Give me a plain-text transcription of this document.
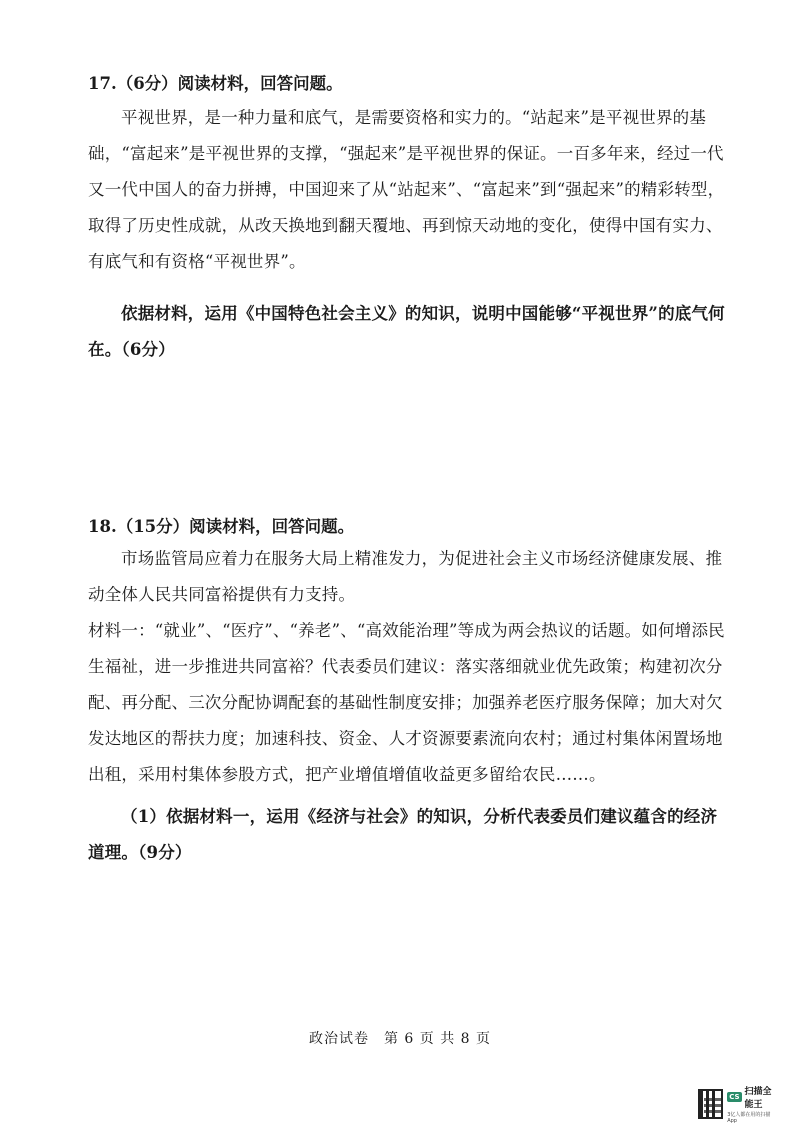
17.（6分）阅读材料，回答问题。

平视世界，是一种力量和底气，是需要资格和实力的。“站起来”是平视世界的基础，“富起来”是平视世界的支撑，“强起来”是平视世界的保证。一百多年来，经过一代又一代中国人的奋力拼搏，中国迎来了从“站起来”、“富起来”到“强起来”的精彩转型，取得了历史性成就，从改天换地到翻天覆地、再到惊天动地的变化，使得中国有实力、有底气和有资格“平视世界”。

依据材料，运用《中国特色社会主义》的知识，说明中国能够“平视世界”的底气何在。（6分）

18.（15分）阅读材料，回答问题。

市场监管局应着力在服务大局上精准发力，为促进社会主义市场经济健康发展、推动全体人民共同富裕提供有力支持。

材料一：“就业”、“医疗”、“养老”、“高效能治理”等成为两会热议的话题。如何增添民生福祉，进一步推进共同富裕？代表委员们建议：落实落细就业优先政策；构建初次分配、再分配、三次分配协调配套的基础性制度安排；加强养老医疗服务保障；加大对欠发达地区的帮扶力度；加速科技、资金、人才资源要素流向农村；通过村集体闲置场地出租，采用村集体参股方式，把产业增值增值收益更多留给农民……。

（1）依据材料一，运用《经济与社会》的知识，分析代表委员们建议蕴含的经济道理。（9分）

政治试卷　第 6 页 共 8 页
CS 扫描全能王
3亿人都在用的扫描App
